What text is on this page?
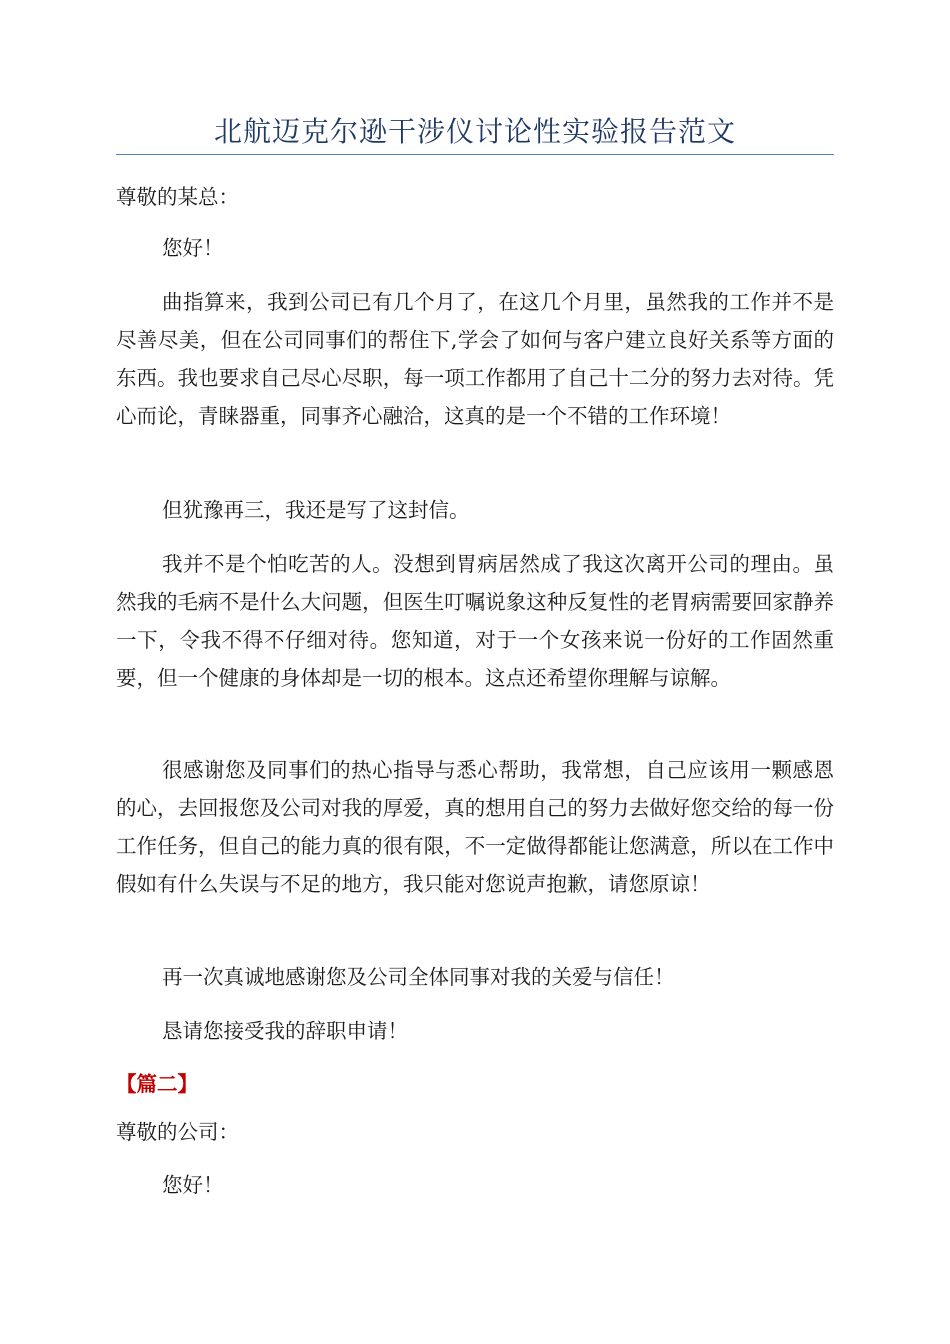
北航迈克尔逊干涉仪讨论性实验报告范文

尊敬的某总：

您好！

曲指算来，我到公司已有几个月了，在这几个月里，虽然我的工作并不是尽善尽美，但在公司同事们的帮住下,学会了如何与客户建立良好关系等方面的东西。我也要求自己尽心尽职，每一项工作都用了自己十二分的努力去对待。凭心而论，青睐器重，同事齐心融洽，这真的是一个不错的工作环境！

但犹豫再三，我还是写了这封信。

我并不是个怕吃苦的人。没想到胃病居然成了我这次离开公司的理由。虽然我的毛病不是什么大问题，但医生叮嘱说象这种反复性的老胃病需要回家静养一下，令我不得不仔细对待。您知道，对于一个女孩来说一份好的工作固然重要，但一个健康的身体却是一切的根本。这点还希望你理解与谅解。

很感谢您及同事们的热心指导与悉心帮助，我常想，自己应该用一颗感恩的心，去回报您及公司对我的厚爱，真的想用自己的努力去做好您交给的每一份工作任务，但自己的能力真的很有限，不一定做得都能让您满意，所以在工作中假如有什么失误与不足的地方，我只能对您说声抱歉，请您原谅！

再一次真诚地感谢您及公司全体同事对我的关爱与信任！

恳请您接受我的辞职申请！

【篇二】

尊敬的公司：

您好！
